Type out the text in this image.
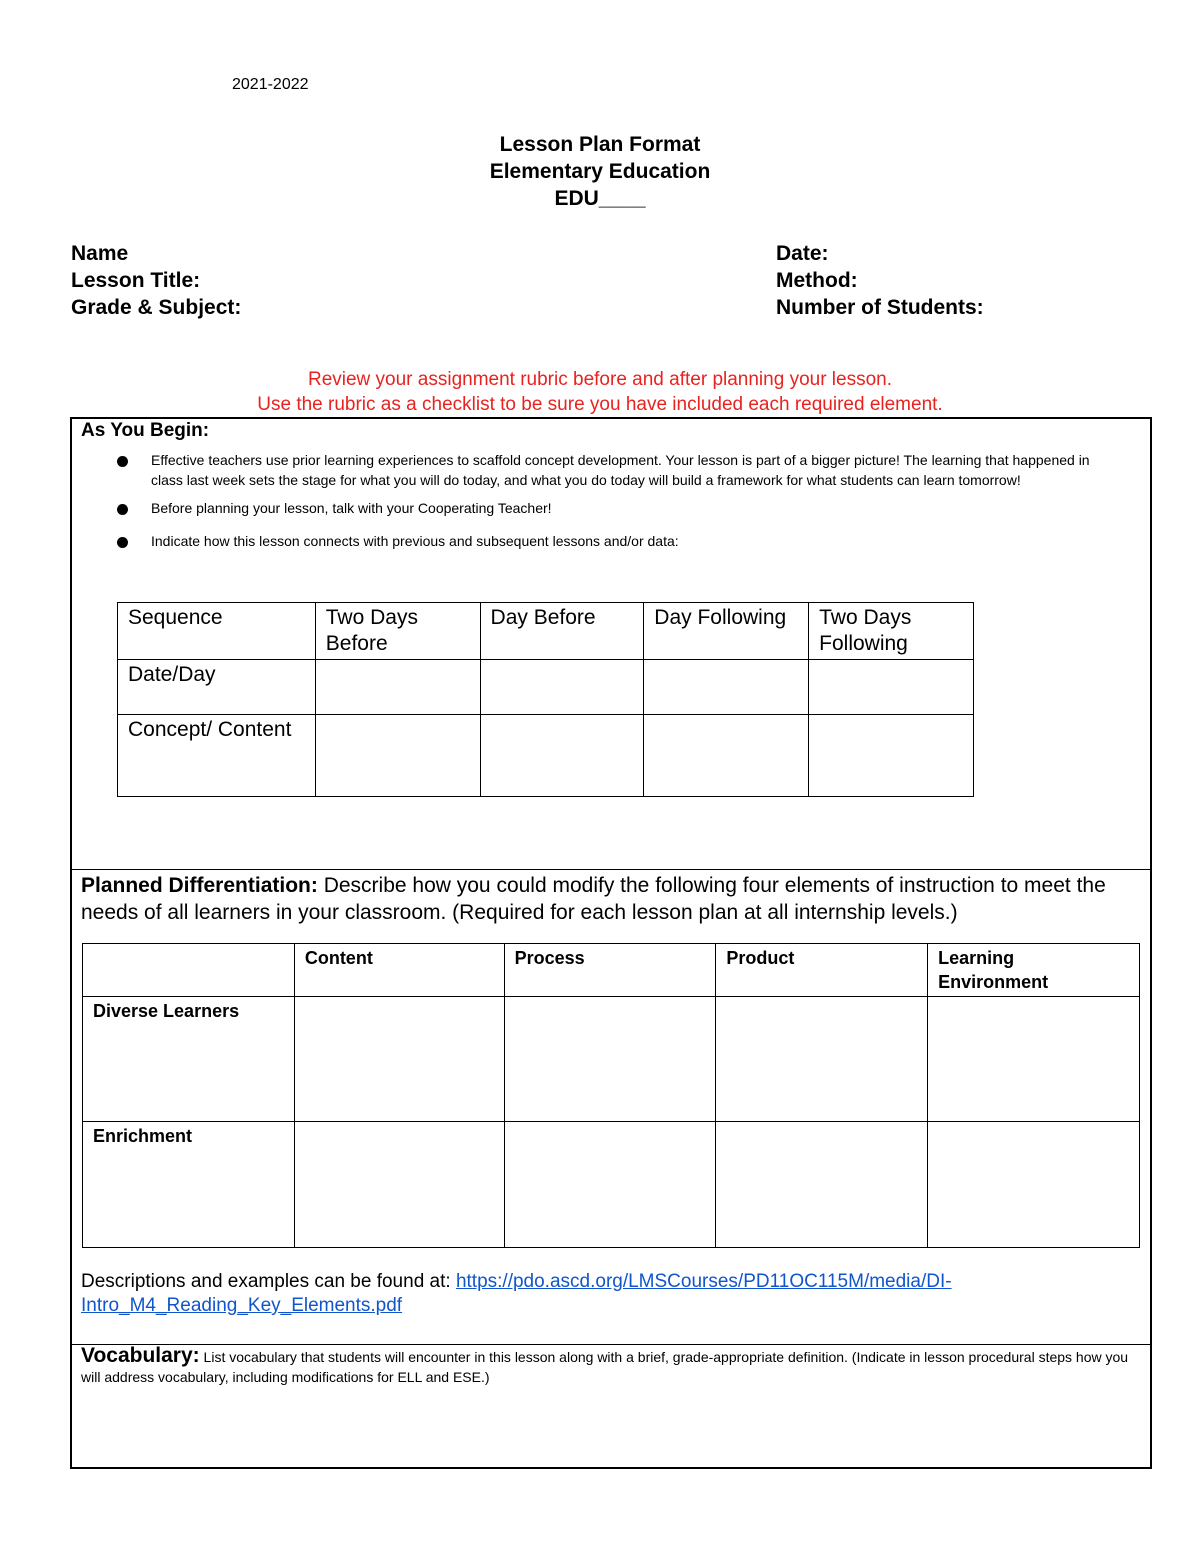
2021-2022
Lesson Plan Format
Elementary Education
EDU____
Name
Lesson Title:
Grade & Subject:
Date:
Method:
Number of Students:
Review your assignment rubric before and after planning your lesson.
Use the rubric as a checklist to be sure you have included each required element.
As You Begin:
Effective teachers use prior learning experiences to scaffold concept development. Your lesson is part of a bigger picture! The learning that happened in class last week sets the stage for what you will do today, and what you do today will build a framework for what students can learn tomorrow!
Before planning your lesson, talk with your Cooperating Teacher!
Indicate how this lesson connects with previous and subsequent lessons and/or data:
Sequence	Two Days Before	Day Before	Day Following	Two Days Following
Date/Day				
Concept/ Content				
Planned Differentiation: Describe how you could modify the following four elements of instruction to meet the needs of all learners in your classroom. (Required for each lesson plan at all internship levels.)
	Content	Process	Product	Learning Environment
Diverse Learners				
Enrichment				
Descriptions and examples can be found at: https://pdo.ascd.org/LMSCourses/PD11OC115M/media/DI-Intro_M4_Reading_Key_Elements.pdf
Vocabulary: List vocabulary that students will encounter in this lesson along with a brief, grade-appropriate definition. (Indicate in lesson procedural steps how you will address vocabulary, including modifications for ELL and ESE.)
